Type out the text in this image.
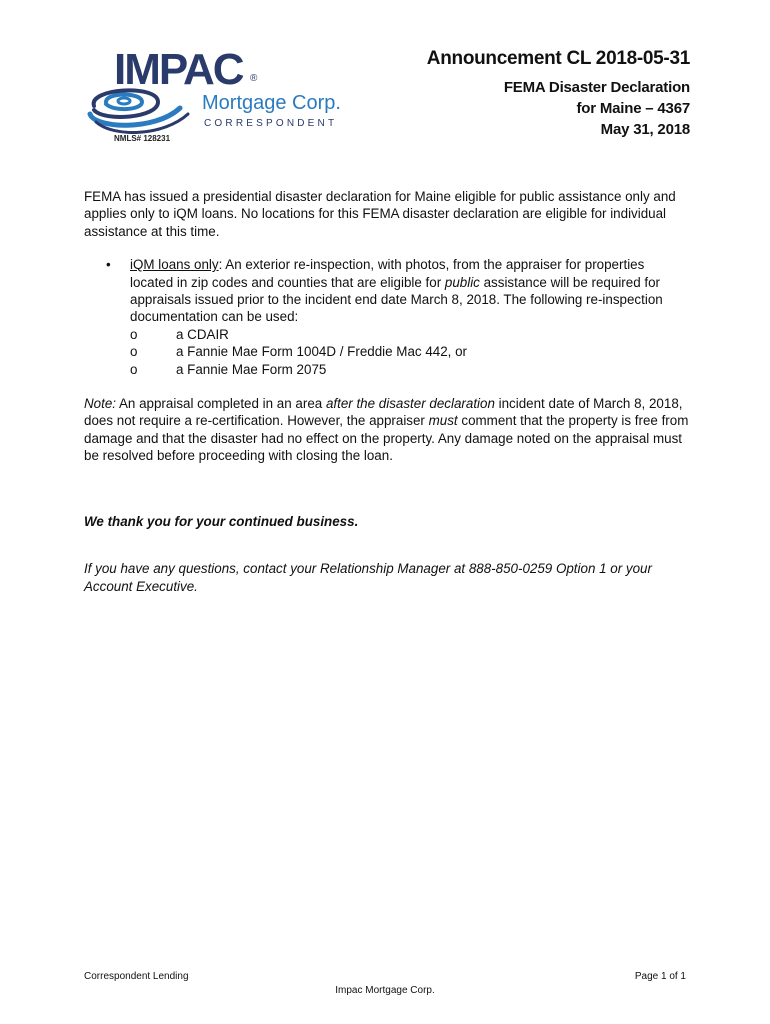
IMPAC ®
Mortgage Corp.
CORRESPONDENT
NMLS# 128231
Announcement CL 2018-05-31
FEMA Disaster Declaration
for Maine – 4367
May 31, 2018

FEMA has issued a presidential disaster declaration for Maine eligible for public assistance only and applies only to iQM loans. No locations for this FEMA disaster declaration are eligible for individual assistance at this time.

• iQM loans only: An exterior re-inspection, with photos, from the appraiser for properties located in zip codes and counties that are eligible for public assistance will be required for appraisals issued prior to the incident end date March 8, 2018. The following re-inspection documentation can be used:
o	a CDAIR
o	a Fannie Mae Form 1004D / Freddie Mac 442, or
o	a Fannie Mae Form 2075

Note: An appraisal completed in an area after the disaster declaration incident date of March 8, 2018, does not require a re-certification. However, the appraiser must comment that the property is free from damage and that the disaster had no effect on the property. Any damage noted on the appraisal must be resolved before proceeding with closing the loan.

We thank you for your continued business.

If you have any questions, contact your Relationship Manager at 888-850-0259 Option 1 or your Account Executive.

Correspondent Lending	Page 1 of 1
Impac Mortgage Corp.
